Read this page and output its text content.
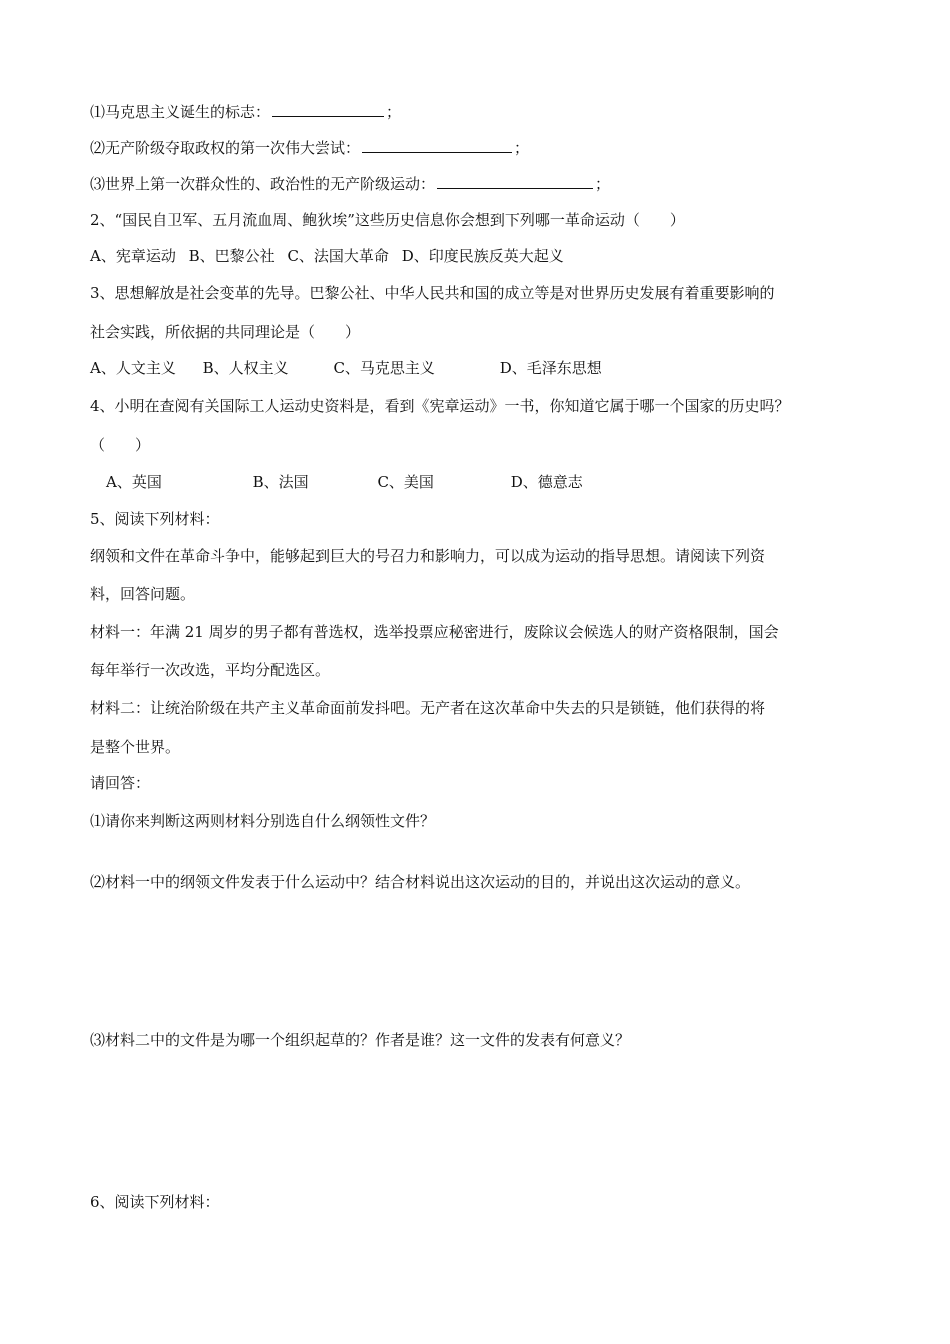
⑴马克思主义诞生的标志：	；
⑵无产阶级夺取政权的第一次伟大尝试：	；
⑶世界上第一次群众性的、政治性的无产阶级运动：	；
2、“国民自卫军、五月流血周、鲍狄埃”这些历史信息你会想到下列哪一革命运动（　　）
A、宪章运动 B、巴黎公社 C、法国大革命 D、印度民族反英大起义
3、思想解放是社会变革的先导。巴黎公社、中华人民共和国的成立等是对世界历史发展有着重要影响的
社会实践，所依据的共同理论是（　　）
A、人文主义 B、人权主义	C、马克思主义	D、毛泽东思想
4、小明在查阅有关国际工人运动史资料是，看到《宪章运动》一书，你知道它属于哪一个国家的历史吗？
（　　）
A、英国	B、法国	C、美国	D、德意志
5、阅读下列材料：
纲领和文件在革命斗争中，能够起到巨大的号召力和影响力，可以成为运动的指导思想。请阅读下列资
料，回答问题。
材料一：年满 21 周岁的男子都有普选权，选举投票应秘密进行，废除议会候选人的财产资格限制，国会
每年举行一次改选，平均分配选区。
材料二：让统治阶级在共产主义革命面前发抖吧。无产者在这次革命中失去的只是锁链，他们获得的将
是整个世界。
请回答：
⑴请你来判断这两则材料分别选自什么纲领性文件？
⑵材料一中的纲领文件发表于什么运动中？结合材料说出这次运动的目的，并说出这次运动的意义。
⑶材料二中的文件是为哪一个组织起草的？作者是谁？这一文件的发表有何意义？
6、阅读下列材料：
